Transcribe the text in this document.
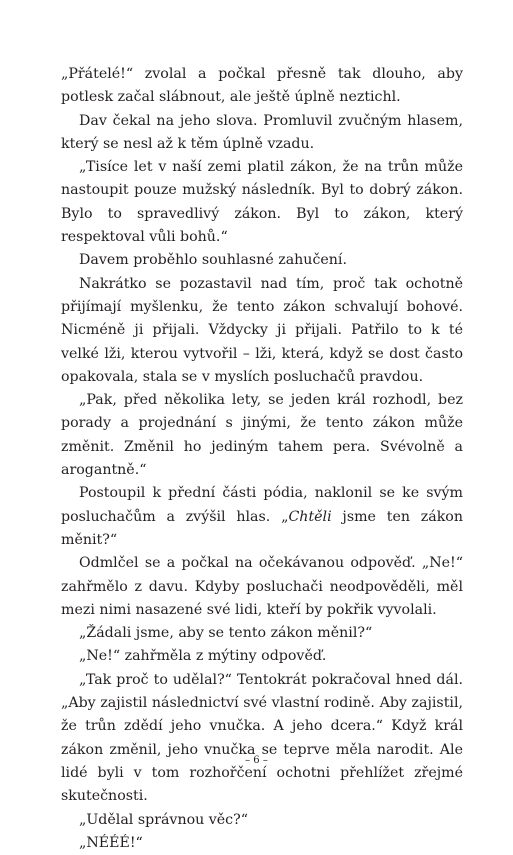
„Přátelé!“ zvolal a počkal přesně tak dlouho, aby potlesk začal slábnout, ale ještě úplně neztichl.

Dav čekal na jeho slova. Promluvil zvučným hlasem, který se nesl až k těm úplně vzadu.

„Tisíce let v naší zemi platil zákon, že na trůn může nastoupit pouze mužský následník. Byl to dobrý zákon. Bylo to spravedlivý zákon. Byl to zákon, který respektoval vůli bohů.“

Davem proběhlo souhlasné zahučení.

Nakrátko se pozastavil nad tím, proč tak ochotně přijímají myšlenku, že tento zákon schvalují bohové. Nicméně ji přijali. Vždycky ji přijali. Patřilo to k té velké lži, kterou vytvořil – lži, která, když se dost často opakovala, stala se v myslích posluchačů pravdou.

„Pak, před několika lety, se jeden král rozhodl, bez porady a projednání s jinými, že tento zákon může změnit. Změnil ho jediným tahem pera. Svévolně a arogantně.“

Postoupil k přední části pódia, naklonil se ke svým posluchačům a zvýšil hlas. „Chtěli jsme ten zákon měnit?“

Odmlčel se a počkal na očekávanou odpověď. „Ne!“ zahřmělo z davu. Kdyby posluchači neodpověděli, měl mezi nimi nasazené své lidi, kteří by pokřik vyvolali.

„Žádali jsme, aby se tento zákon měnil?“

„Ne!“ zahřměla z mýtiny odpověď.

„Tak proč to udělal?“ Tentokrát pokračoval hned dál. „Aby zajistil následnictví své vlastní rodině. Aby zajistil, že trůn zdědí jeho vnučka. A jeho dcera.“ Když král zákon změnil, jeho vnučka se teprve měla narodit. Ale lidé byli v tom rozhořčení ochotni přehlížet zřejmé skutečnosti.

„Udělal správnou věc?“

„NÉÉÉ!“

– 6 –
